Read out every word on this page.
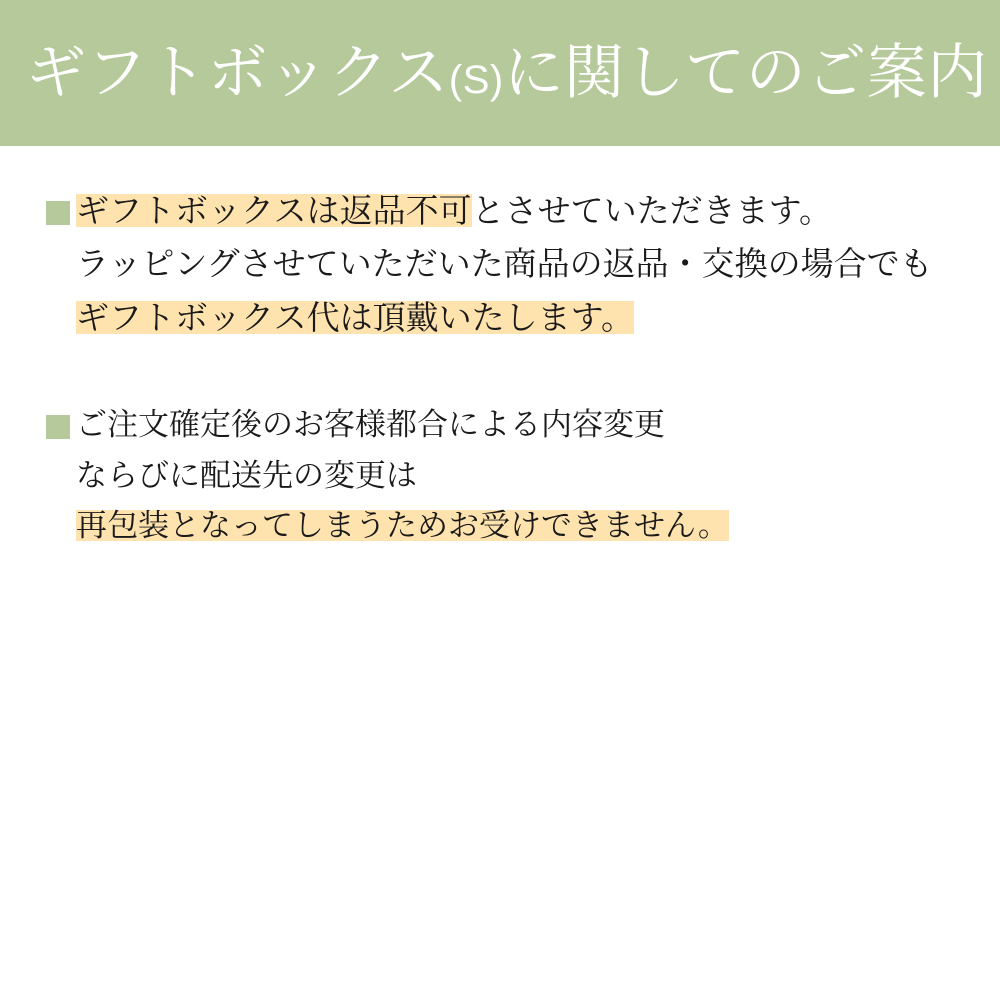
ギフトボックス(S)に関してのご案内
ギフトボックスは返品不可とさせていただきます。
ラッピングさせていただいた商品の返品・交換の場合でも
ギフトボックス代は頂戴いたします。
ご注文確定後のお客様都合による内容変更
ならびに配送先の変更は
再包装となってしまうためお受けできません。
